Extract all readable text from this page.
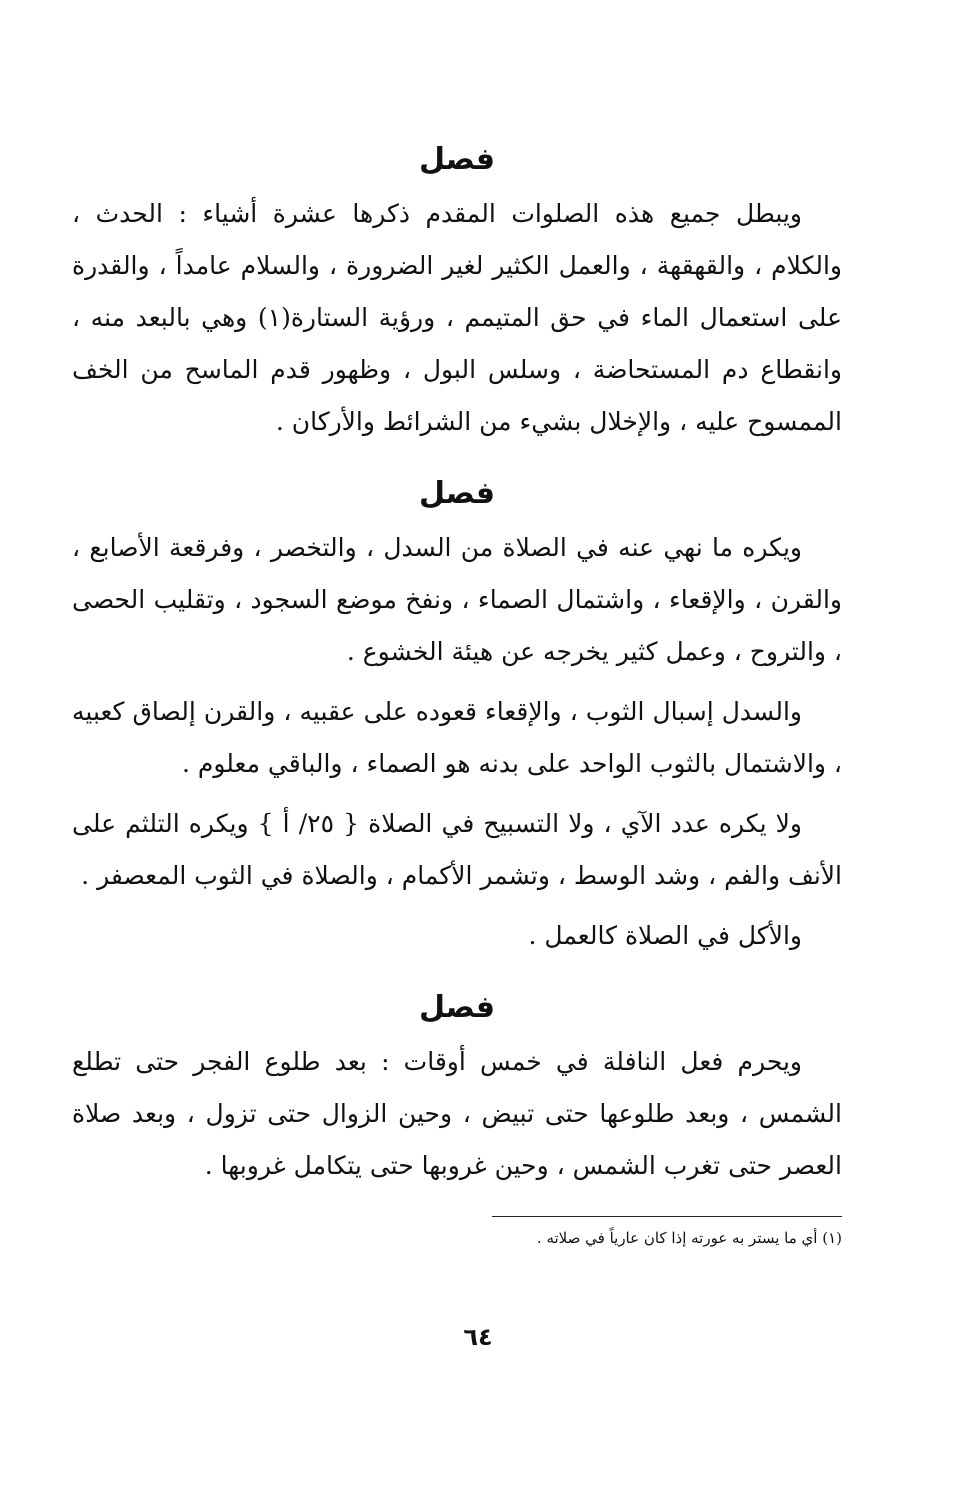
فصل

ويبطل جميع هذه الصلوات المقدم ذكرها عشرة أشياء : الحدث ، والكلام ، والقهقهة ، والعمل الكثير لغير الضرورة ، والسلام عامداً ، والقدرة على استعمال الماء في حق المتيمم ، ورؤية الستارة(١) وهي بالبعد منه ، وانقطاع دم المستحاضة ، وسلس البول ، وظهور قدم الماسح من الخف الممسوح عليه ، والإخلال بشيء من الشرائط والأركان .

فصل

ويكره ما نهي عنه في الصلاة من السدل ، والتخصر ، وفرقعة الأصابع ، والقرن ، والإقعاء ، واشتمال الصماء ، ونفخ موضع السجود ، وتقليب الحصى ، والتروح ، وعمل كثير يخرجه عن هيئة الخشوع .

والسدل إسبال الثوب ، والإقعاء قعوده على عقبيه ، والقرن إلصاق كعبيه ، والاشتمال بالثوب الواحد على بدنه هو الصماء ، والباقي معلوم .

ولا يكره عدد الآي ، ولا التسبيح في الصلاة { ٢٥/ أ } ويكره التلثم على الأنف والفم ، وشد الوسط ، وتشمر الأكمام ، والصلاة في الثوب المعصفر .

والأكل في الصلاة كالعمل .

فصل

ويحرم فعل النافلة في خمس أوقات : بعد طلوع الفجر حتى تطلع الشمس ، وبعد طلوعها حتى تبيض ، وحين الزوال حتى تزول ، وبعد صلاة العصر حتى تغرب الشمس ، وحين غروبها حتى يتكامل غروبها .

(١) أي ما يستر به عورته إذا كان عارياً في صلاته .
٦٤
